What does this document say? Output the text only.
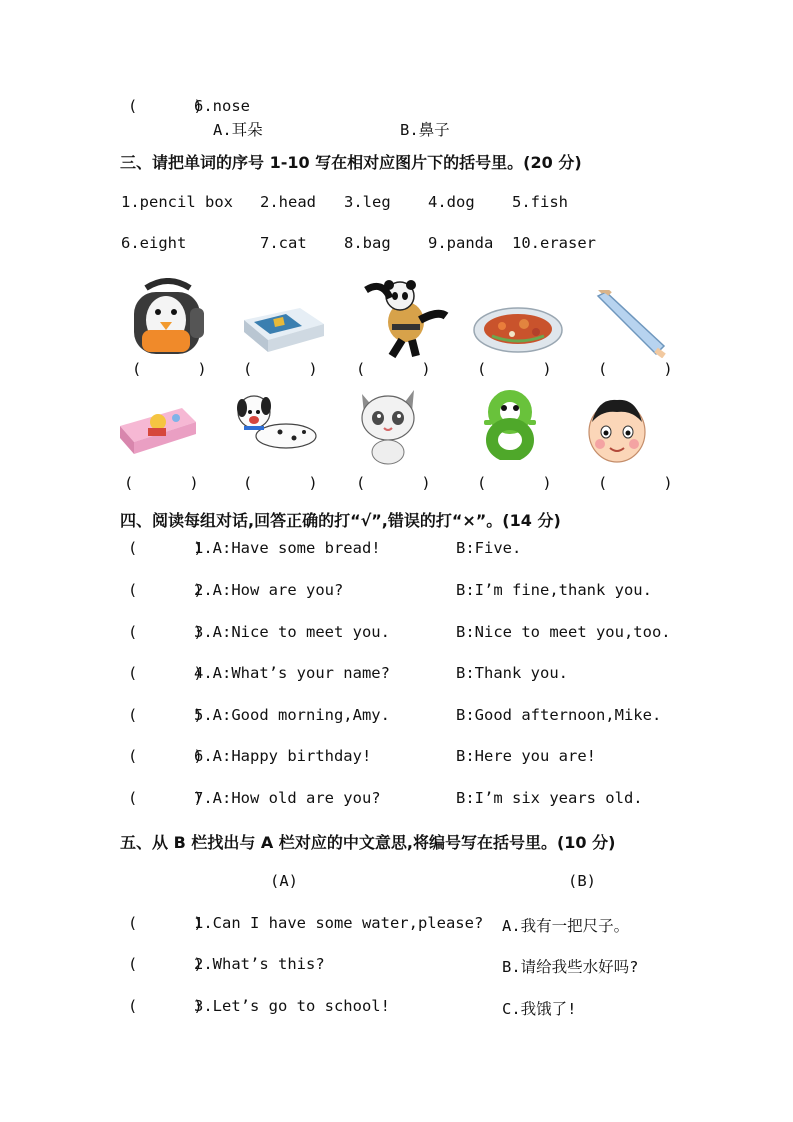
(      )
6.nose
A.耳朵	B.鼻子
三、请把单词的序号 1-10 写在相对应图片下的括号里。(20 分)
1.pencil box 2.head 3.leg 4.dog 5.fish
6.eight	7.cat 8.bag 9.panda 10.eraser
(      ) (      ) (      )	(      )	(      )
(      )	(      ) (      )	(      )	(      )
四、阅读每组对话,回答正确的打“√”,错误的打“×”。(14 分)
(      )
1.A:Have some bread!	B:Five.
(      )
2.A:How are you?	B:I’m fine,thank you.
(      )
3.A:Nice to meet you.	B:Nice to meet you,too.
(      )
4.A:What’s your name?	B:Thank you.
(      )
5.A:Good morning,Amy.	B:Good afternoon,Mike.
(      )
6.A:Happy birthday!	B:Here you are!
(      )
7.A:How old are you?	B:I’m six years old.
五、从 B 栏找出与 A 栏对应的中文意思,将编号写在括号里。(10 分)
(A)	(B)
(      )
1.Can I have some water,please? A.我有一把尺子。
(      )
2.What’s this?	B.请给我些水好吗?
(      )
3.Let’s go to school!	C.我饿了!
